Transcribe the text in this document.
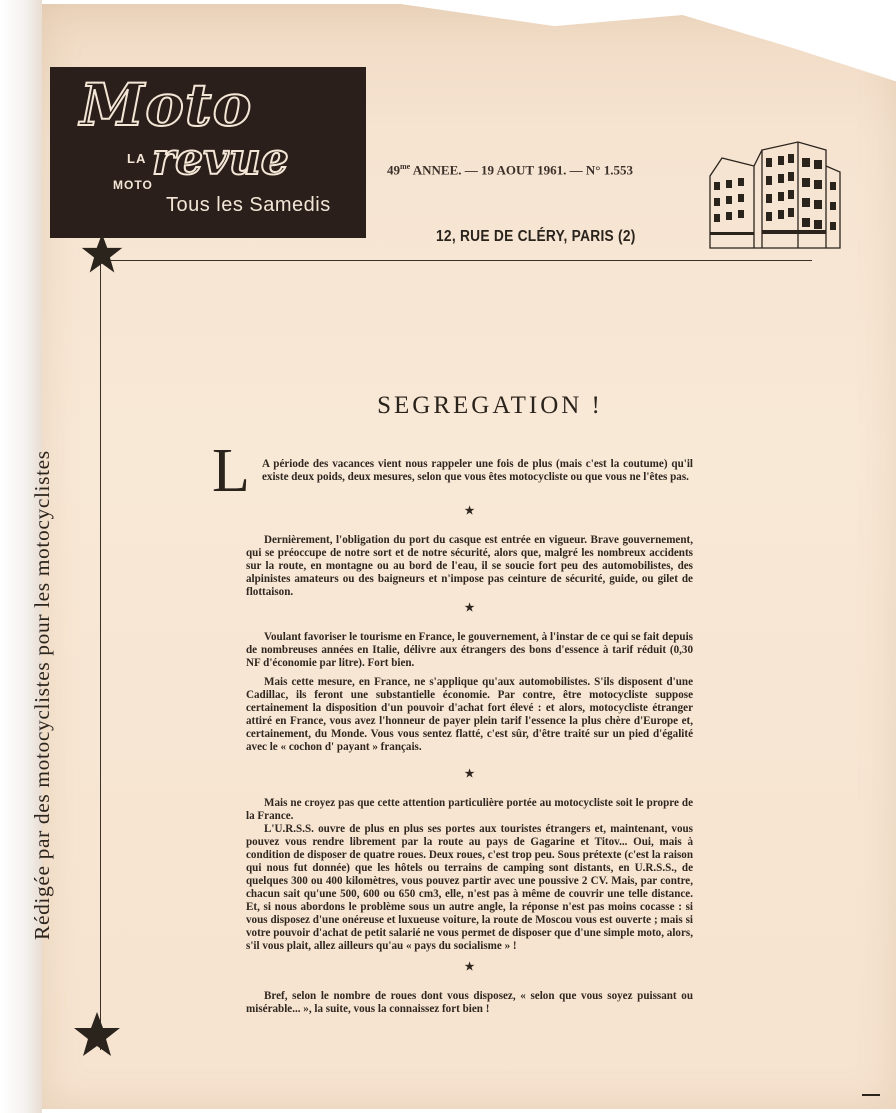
Moto
LA revue
MOTO
Tous les Samedis
$49^{me}$ ANNEE. — 19 AOUT 1961. — N° 1.553
12, RUE DE CLÉRY, PARIS (2)
Rédigée par des motocyclistes pour les motocyclistes
SEGREGATION !
L A période des vacances vient nous rappeler une fois de plus (mais c'est la coutume) qu'il existe deux poids, deux mesures, selon que vous êtes motocycliste ou que vous ne l'êtes pas.
★

Dernièrement, l'obligation du port du casque est entrée en vigueur. Brave gouvernement, qui se préoccupe de notre sort et de notre sécurité, alors que, malgré les nombreux accidents sur la route, en montagne ou au bord de l'eau, il se soucie fort peu des automobilistes, des alpinistes amateurs ou des baigneurs et n'impose pas ceinture de sécurité, guide, ou gilet de flottaison.

★

Voulant favoriser le tourisme en France, le gouvernement, à l'instar de ce qui se fait depuis de nombreuses années en Italie, délivre aux étrangers des bons d'essence à tarif réduit (0,30 NF d'économie par litre). Fort bien.

Mais cette mesure, en France, ne s'applique qu'aux automobilistes. S'ils disposent d'une Cadillac, ils feront une substantielle économie. Par contre, être motocycliste suppose certainement la disposition d'un pouvoir d'achat fort élevé : et alors, motocycliste étranger attiré en France, vous avez l'honneur de payer plein tarif l'essence la plus chère d'Europe et, certainement, du Monde. Vous vous sentez flatté, c'est sûr, d'être traité sur un pied d'égalité avec le « cochon d' payant » français.

★

Mais ne croyez pas que cette attention particulière portée au motocycliste soit le propre de la France.

L'U.R.S.S. ouvre de plus en plus ses portes aux touristes étrangers et, maintenant, vous pouvez vous rendre librement par la route au pays de Gagarine et Titov... Oui, mais à condition de disposer de quatre roues. Deux roues, c'est trop peu. Sous prétexte (c'est la raison qui nous fut donnée) que les hôtels ou terrains de camping sont distants, en U.R.S.S., de quelques 300 ou 400 kilomètres, vous pouvez partir avec une poussive 2 CV. Mais, par contre, chacun sait qu'une 500, 600 ou 650 cm3, elle, n'est pas à même de couvrir une telle distance. Et, si nous abordons le problème sous un autre angle, la réponse n'est pas moins cocasse : si vous disposez d'une onéreuse et luxueuse voiture, la route de Moscou vous est ouverte ; mais si votre pouvoir d'achat de petit salarié ne vous permet de disposer que d'une simple moto, alors, s'il vous plait, allez ailleurs qu'au « pays du socialisme » !

★

Bref, selon le nombre de roues dont vous disposez, « selon que vous soyez puissant ou misérable... », la suite, vous la connaissez fort bien !
